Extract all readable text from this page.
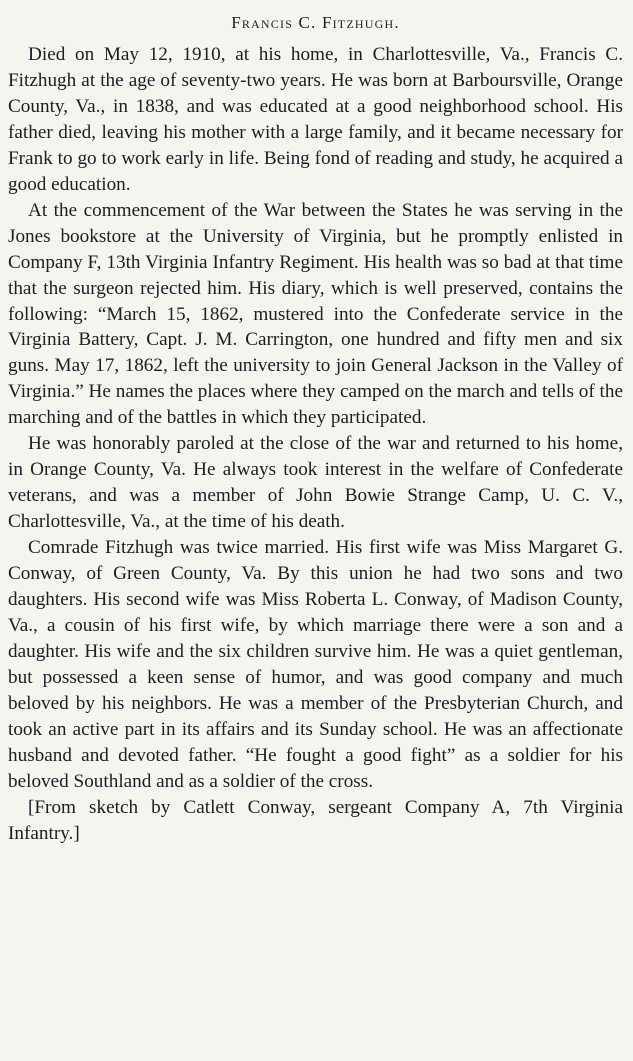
Francis C. Fitzhugh.

Died on May 12, 1910, at his home, in Charlottesville, Va., Francis C. Fitzhugh at the age of seventy-two years. He was born at Barboursville, Orange County, Va., in 1838, and was educated at a good neighborhood school. His father died, leaving his mother with a large family, and it became necessary for Frank to go to work early in life. Being fond of reading and study, he acquired a good education.

At the commencement of the War between the States he was serving in the Jones bookstore at the University of Virginia, but he promptly enlisted in Company F, 13th Virginia Infantry Regiment. His health was so bad at that time that the surgeon rejected him. His diary, which is well preserved, contains the following: “March 15, 1862, mustered into the Confederate service in the Virginia Battery, Capt. J. M. Carrington, one hundred and fifty men and six guns. May 17, 1862, left the university to join General Jackson in the Valley of Virginia.” He names the places where they camped on the march and tells of the marching and of the battles in which they participated.

He was honorably paroled at the close of the war and returned to his home, in Orange County, Va. He always took interest in the welfare of Confederate veterans, and was a member of John Bowie Strange Camp, U. C. V., Charlottesville, Va., at the time of his death.

Comrade Fitzhugh was twice married. His first wife was Miss Margaret G. Conway, of Green County, Va. By this union he had two sons and two daughters. His second wife was Miss Roberta L. Conway, of Madison County, Va., a cousin of his first wife, by which marriage there were a son and a daughter. His wife and the six children survive him. He was a quiet gentleman, but possessed a keen sense of humor, and was good company and much beloved by his neighbors. He was a member of the Presbyterian Church, and took an active part in its affairs and its Sunday school. He was an affectionate husband and devoted father. “He fought a good fight” as a soldier for his beloved Southland and as a soldier of the cross.

[From sketch by Catlett Conway, sergeant Company A, 7th Virginia Infantry.]
